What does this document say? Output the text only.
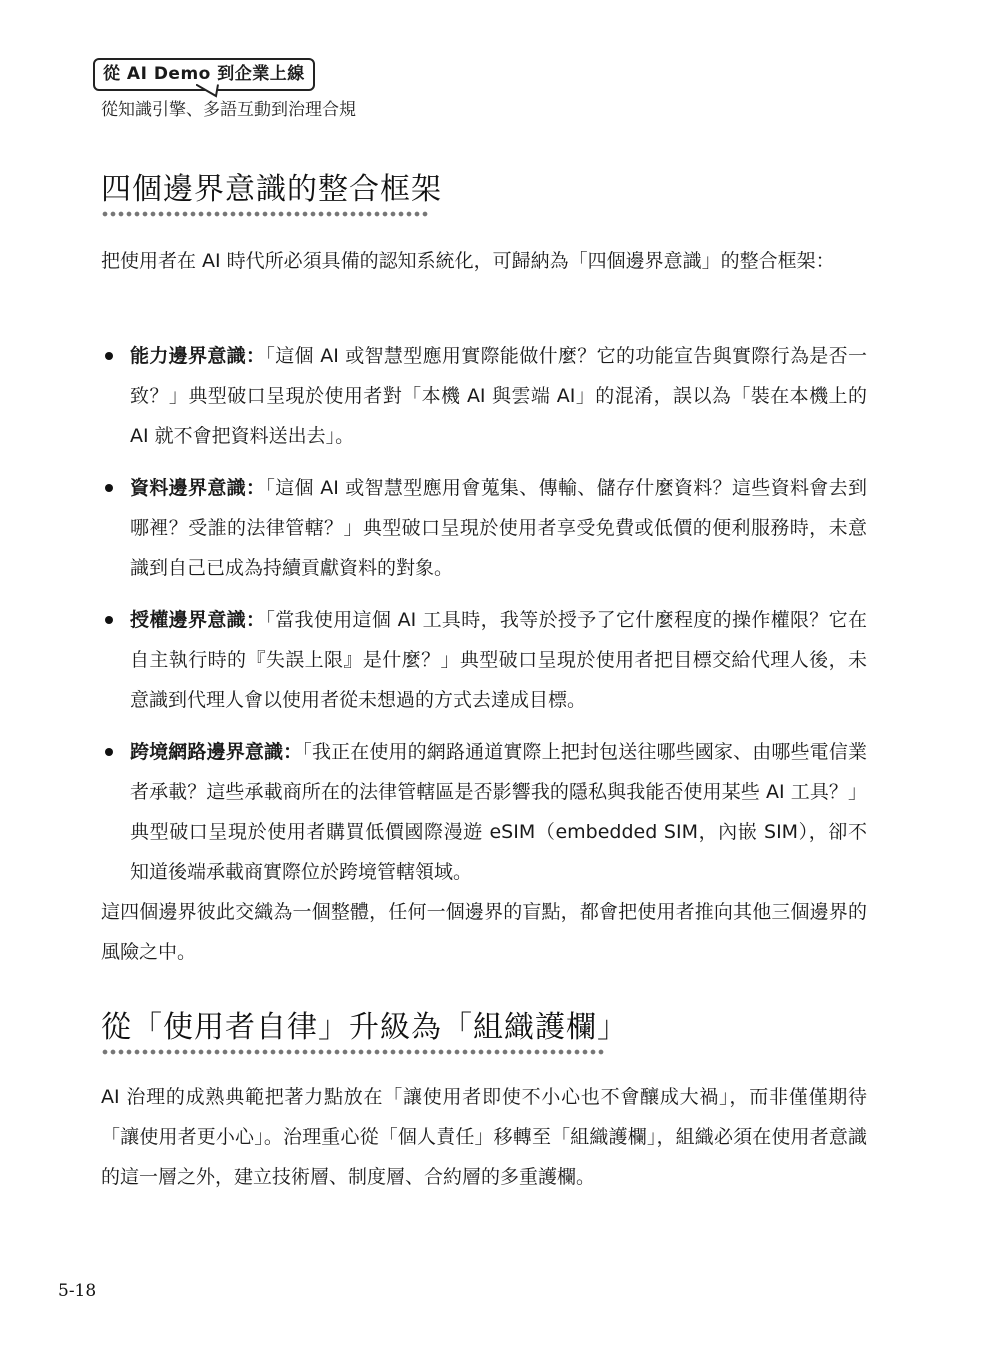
從 AI Demo 到企業上線
從知識引擎、多語互動到治理合規
四個邊界意識的整合框架

把使用者在 AI 時代所必須具備的認知系統化，可歸納為「四個邊界意識」的整合框架：

能力邊界意識：「這個 AI 或智慧型應用實際能做什麼？它的功能宣告與實際行為是否一致？」典型破口呈現於使用者對「本機 AI 與雲端 AI」的混淆，誤以為「裝在本機上的 AI 就不會把資料送出去」。
資料邊界意識：「這個 AI 或智慧型應用會蒐集、傳輸、儲存什麼資料？這些資料會去到哪裡？受誰的法律管轄？」典型破口呈現於使用者享受免費或低價的便利服務時，未意識到自己已成為持續貢獻資料的對象。
授權邊界意識：「當我使用這個 AI 工具時，我等於授予了它什麼程度的操作權限？它在自主執行時的『失誤上限』是什麼？」典型破口呈現於使用者把目標交給代理人後，未意識到代理人會以使用者從未想過的方式去達成目標。
跨境網路邊界意識：「我正在使用的網路通道實際上把封包送往哪些國家、由哪些電信業者承載？這些承載商所在的法律管轄區是否影響我的隱私與我能否使用某些 AI 工具？」典型破口呈現於使用者購買低價國際漫遊 eSIM（embedded SIM，內嵌 SIM），卻不知道後端承載商實際位於跨境管轄領域。

這四個邊界彼此交織為一個整體，任何一個邊界的盲點，都會把使用者推向其他三個邊界的風險之中。

從「使用者自律」升級為「組織護欄」

AI 治理的成熟典範把著力點放在「讓使用者即使不小心也不會釀成大禍」，而非僅僅期待「讓使用者更小心」。治理重心從「個人責任」移轉至「組織護欄」，組織必須在使用者意識的這一層之外，建立技術層、制度層、合約層的多重護欄。

5-18
